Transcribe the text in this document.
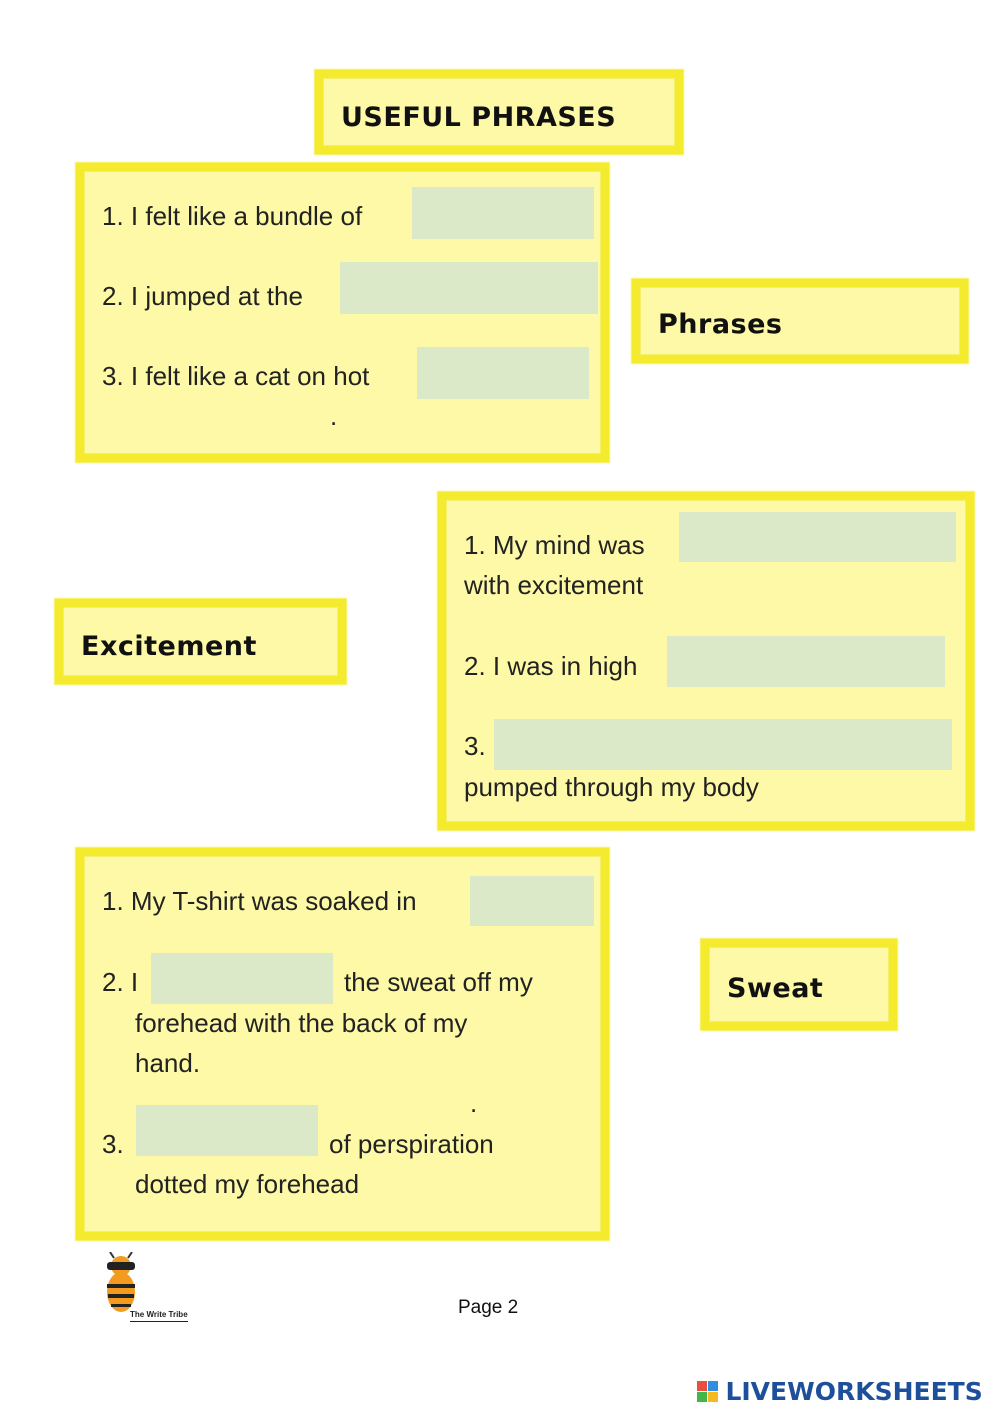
USEFUL PHRASES
1. I felt like a bundle of
2. I jumped at the
3. I felt like a cat on hot
.
Phrases
1. My mind was
with excitement
2. I was in high
3.
pumped through my body
Excitement
1. My T-shirt was soaked in
2. I	the sweat off my
forehead with the back of my
hand.
.
3.	of perspiration
dotted my forehead
Sweat
The Write Tribe	Page 2
LIVEWORKSHEETS
